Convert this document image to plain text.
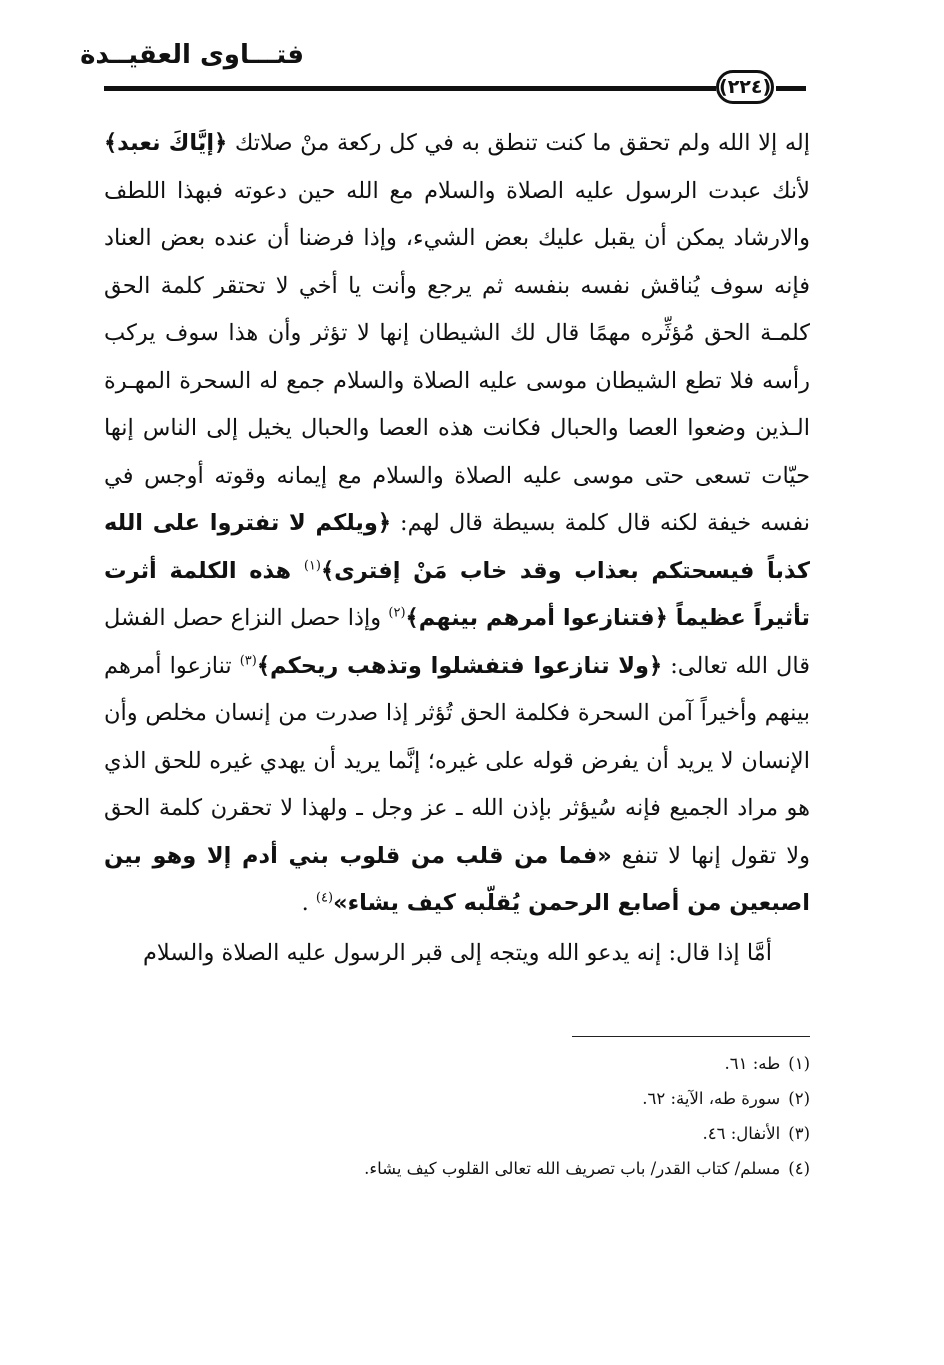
فتـــاوى العقيــدة
(٢٢٤)

إله إلا الله ولم تحقق ما كنت تنطق به في كل ركعة منْ صلاتك ﴿إيَّاكَ نعبد﴾ لأنك عبدت الرسول عليه الصلاة والسلام مع الله حين دعوته فبهذا اللطف والارشاد يمكن أن يقبل عليك بعض الشيء، وإذا فرضنا أن عنده بعض العناد فإنه سوف يُناقش نفسه بنفسه ثم يرجع وأنت يا أخي لا تحتقر كلمة الحق كلمـة الحق مُؤثِّره مهمًا قال لك الشيطان إنها لا تؤثر وأن هذا سوف يركب رأسه فلا تطع الشيطان موسى عليه الصلاة والسلام جمع له السحرة المهـرة الـذين وضعوا العصا والحبال فكانت هذه العصا والحبال يخيل إلى الناس إنها حيّات تسعى حتى موسى عليه الصلاة والسلام مع إيمانه وقوته أوجس في نفسه خيفة لكنه قال كلمة بسيطة قال لهم: ﴿ويلكم لا تفتروا على الله كذباً فيسحتكم بعذاب وقد خاب مَنْ إفترى﴾$^{(١)}$ هذه الكلمة أثرت تأثيراً عظيماً ﴿فتنازعوا أمرهم بينهم﴾$^{(٢)}$ وإذا حصل النزاع حصل الفشل قال الله تعالى: ﴿ولا تنازعوا فتفشلوا وتذهب ريحكم﴾$^{(٣)}$ تنازعوا أمرهم بينهم وأخيراً آمن السحرة فكلمة الحق تُؤثر إذا صدرت من إنسان مخلص وأن الإنسان لا يريد أن يفرض قوله على غيره؛ إنَّما يريد أن يهدي غيره للحق الذي هو مراد الجميع فإنه سُيؤثر بإذن الله ـ عز وجل ـ ولهذا لا تحقرن كلمة الحق ولا تقول إنها لا تنفع «فما من قلب من قلوب بني أدم إلا وهو بين اصبعين من أصابع الرحمن يُقلّبه كيف يشاء»$^{(٤)}$ .

أمَّا إذا قال: إنه يدعو الله ويتجه إلى قبر الرسول عليه الصلاة والسلام

(١)طه: ٦١.
(٢)سورة طه، الآية: ٦٢.
(٣)الأنفال: ٤٦.
(٤)مسلم/ كتاب القدر/ باب تصريف الله تعالى القلوب كيف يشاء.
